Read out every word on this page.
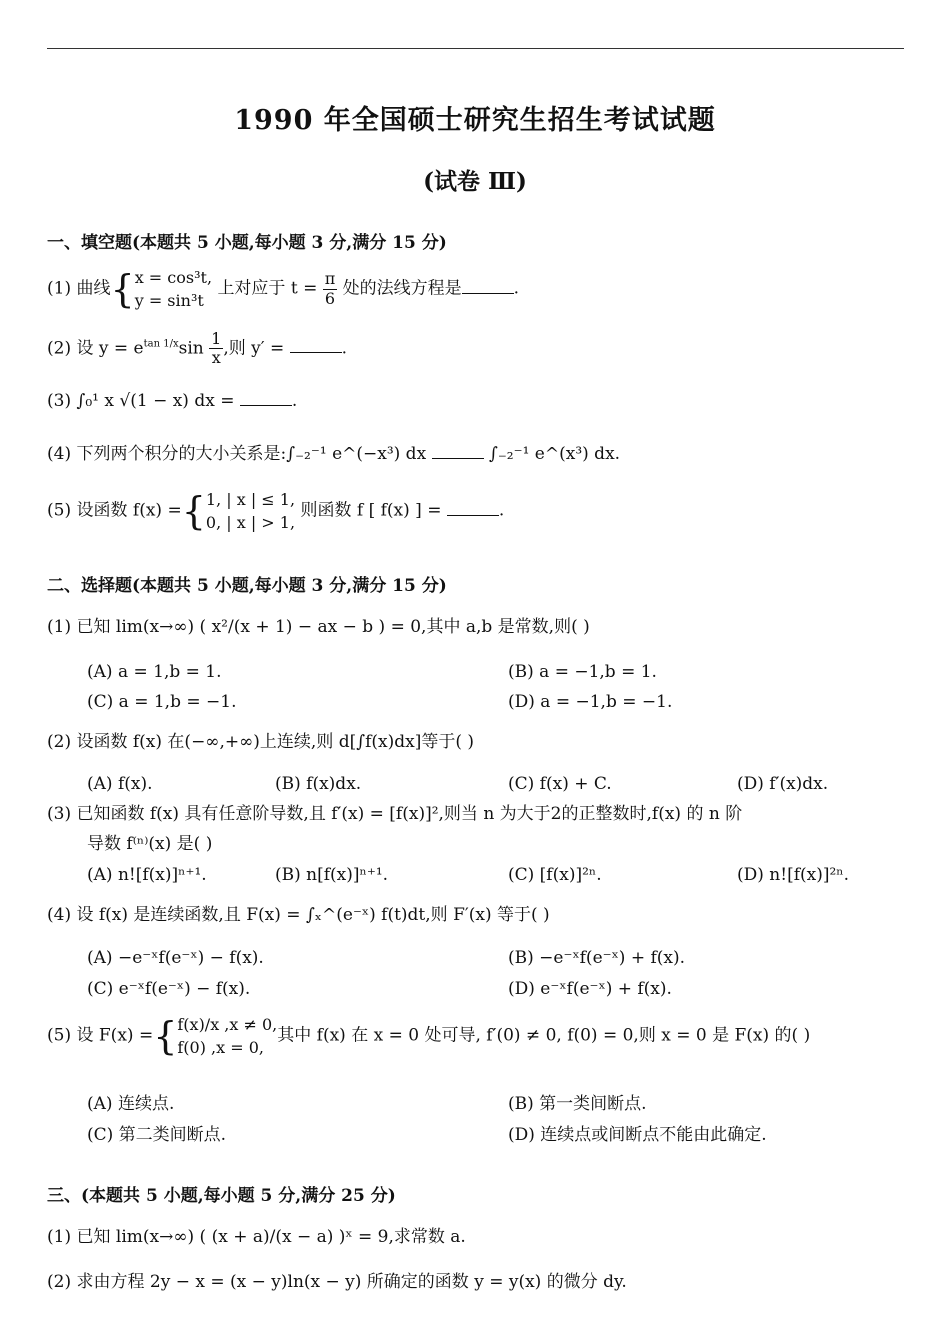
1990 年全国硕士研究生招生考试试题
(试卷 Ⅲ)
一、填空题(本题共 5 小题,每小题 3 分,满分 15 分)
(1) 曲线{x = cos³t,
y = sin³t 上对应于 $t = \frac{\pi}{6}$ 处的法线方程是	.
(2) 设 $y = e^{tan 1/x}\sin \frac{1}{x}$ ,则 y′ =	.
(3) ∫₀¹ x √(1 − x) dx =	.
(4) 下列两个积分的大小关系是:∫₋₂⁻¹ e^(−x³) dx	∫₋₂⁻¹ e^(x³) dx.
(5) 设函数 f(x) ={1, | x | ≤ 1,
0, | x | > 1, 则函数 f [ f(x) ] =	.
二、选择题(本题共 5 小题,每小题 3 分,满分 15 分)
(1) 已知 lim(x→∞) ( x²/(x + 1) − ax − b ) = 0,其中 a,b 是常数,则( )
(A) a = 1,b = 1.	(B) a = −1,b = 1.
(C) a = 1,b = −1.	(D) a = −1,b = −1.
(2) 设函数 f(x) 在(−∞,+∞)上连续,则 d[∫f(x)dx]等于( )
(A) f(x).	(B) f(x)dx.	(C) f(x) + C.	(D) f′(x)dx.
(3) 已知函数 f(x) 具有任意阶导数,且 f′(x) = [f(x)]²,则当 n 为大于2的正整数时,f(x) 的 n 阶
导数 f⁽ⁿ⁾(x) 是( )
(A) n![f(x)]ⁿ⁺¹.	(B) n[f(x)]ⁿ⁺¹.	(C) [f(x)]²ⁿ.	(D) n![f(x)]²ⁿ.
(4) 设 f(x) 是连续函数,且 F(x) = ∫ₓ^(e⁻ˣ) f(t)dt,则 F′(x) 等于( )
(A) −e⁻ˣf(e⁻ˣ) − f(x).	(B) −e⁻ˣf(e⁻ˣ) + f(x).
(C) e⁻ˣf(e⁻ˣ) − f(x).	(D) e⁻ˣf(e⁻ˣ) + f(x).
(5) 设 F(x) ={f(x)/x ,x ≠ 0,
f(0) ,x = 0,其中 f(x) 在 x = 0 处可导, f′(0) ≠ 0, f(0) = 0,则 x = 0 是 F(x) 的( )
(A) 连续点.	(B) 第一类间断点.
(C) 第二类间断点.	(D) 连续点或间断点不能由此确定.
三、(本题共 5 小题,每小题 5 分,满分 25 分)
(1) 已知 lim(x→∞) ( (x + a)/(x − a) )ˣ = 9,求常数 a.
(2) 求由方程 2y − x = (x − y)ln(x − y) 所确定的函数 y = y(x) 的微分 dy.
